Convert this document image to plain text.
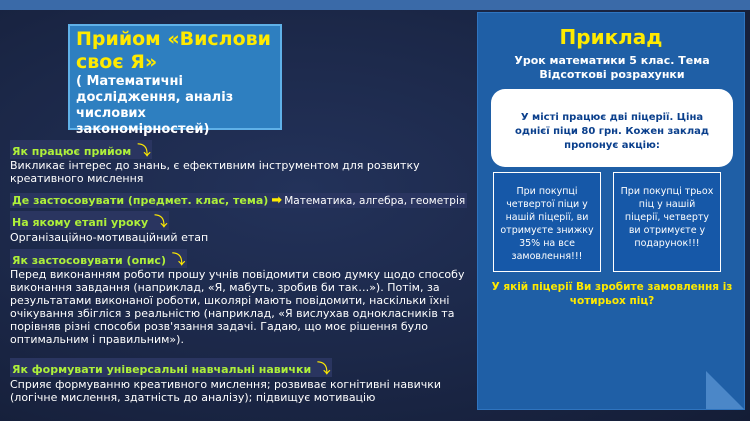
Прийом «Вислови своє Я»
( Математичні дослідження, аналіз числових закономірностей)
Як працює прийом ⤵
Викликає інтерес до знань, є ефективним інструментом для розвитку креативного мислення
Де застосовувати (предмет. клас, тема) ➡ Математика, алгебра, геометрія
На якому етапі уроку ⤵
Організаційно-мотиваційний етап
Як застосовувати (опис) ⤵
Перед виконанням роботи прошу учнів повідомити свою думку щодо способу виконання завдання (наприклад, «Я, мабуть, зробив би так…»). Потім, за результатами виконаної роботи, школярі мають повідомити, наскільки їхні очікування збігліся з реальністю (наприклад, «Я вислухав однокласників та порівняв різні способи розв'язання задачі. Гадаю, що моє рішення було оптимальним і правильним»).
Як формувати універсальні навчальні навички ⤵
Сприяє формуванню креативного мислення; розвиває когнітивні навички (логічне мислення, здатність до аналізу); підвищує мотивацію
Приклад
Урок математики 5 клас. Тема Відсоткові розрахунки
У місті працює дві піцерії. Ціна однієї піци 80 грн. Кожен заклад пропонує акцію:
При покупці четвертої піци у нашій піцерії, ви отримуєте знижку 35% на все замовлення!!!
При покупці трьох піц у нашій піцерії, четверту ви отримуєте у подарунок!!!
У якій піцерії Ви зробите замовлення із чотирьох піц?
